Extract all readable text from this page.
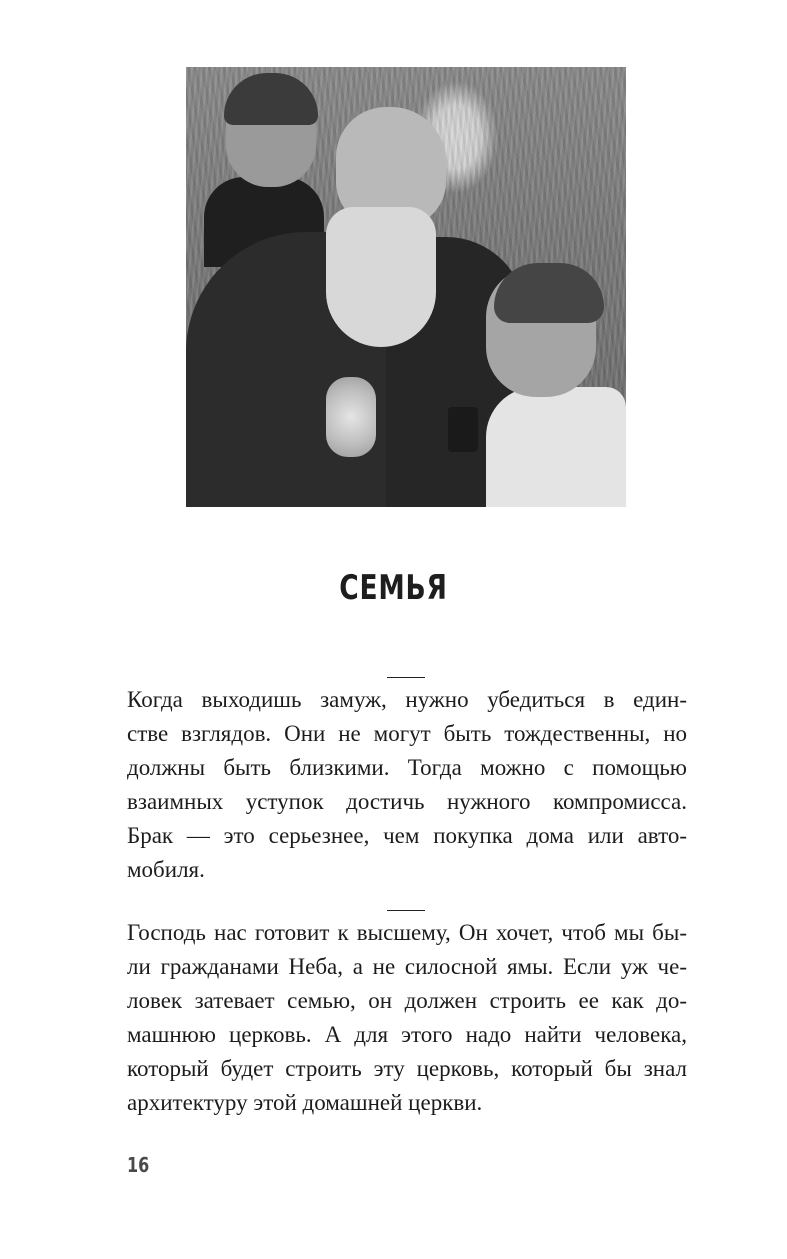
СЕМЬЯ
Когда выходишь замуж, нужно убедиться в един-
стве взглядов. Они не могут быть тождественны, но
должны быть близкими. Тогда можно с помощью
взаимных уступок достичь нужного компромисса.
Брак — это серьезнее, чем покупка дома или авто-
мобиля.
Господь нас готовит к высшему, Он хочет, чтоб мы бы-
ли гражданами Неба, а не силосной ямы. Если уж че-
ловек затевает семью, он должен строить ее как до-
машнюю церковь. А для этого надо найти человека,
который будет строить эту церковь, который бы знал
архитектуру этой домашней церкви.
16
